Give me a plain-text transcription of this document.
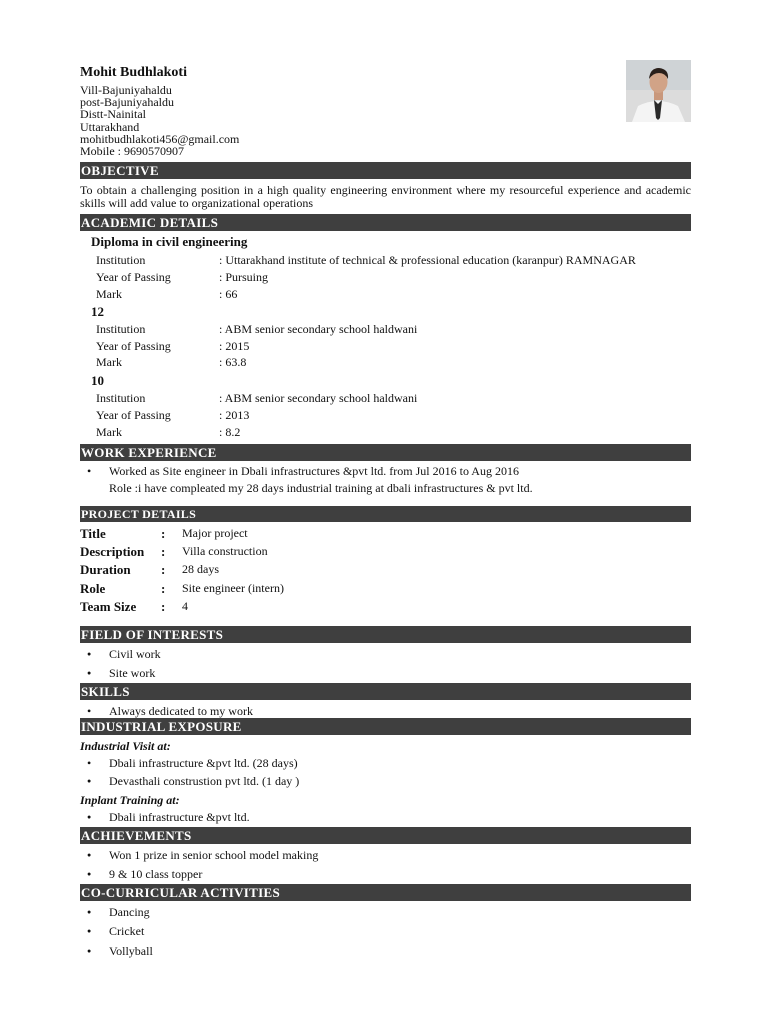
Mohit Budhlakoti
Vill-Bajuniyahaldu
post-Bajuniyahaldu
Distt-Nainital
Uttarakhand
mohitbudhlakoti456@gmail.com
Mobile : 9690570907
OBJECTIVE
To obtain a challenging position in a high quality engineering environment where my resourceful experience and academic skills will add value to organizational operations
ACADEMIC DETAILS
Diploma in civil engineering
Institution	: Uttarakhand institute of technical & professional education (karanpur) RAMNAGAR
Year of Passing	: Pursuing
Mark	: 66
12
Institution	: ABM senior secondary school haldwani
Year of Passing	: 2015
Mark	: 63.8
10
Institution	: ABM senior secondary school haldwani
Year of Passing	: 2013
Mark	: 8.2
WORK EXPERIENCE
• Worked as Site engineer in Dbali infrastructures &pvt ltd. from Jul 2016 to Aug 2016
Role :i have compleated my 28 days industrial training at dbali infrastructures & pvt ltd.
PROJECT DETAILS
Title	: Major project
Description : Villa construction
Duration : 28 days
Role	: Site engineer (intern)
Team Size : 4
FIELD OF INTERESTS
● Civil work
● Site work
SKILLS
• Always dedicated to my work
INDUSTRIAL EXPOSURE
Industrial Visit at:
• Dbali infrastructure &pvt ltd. (28 days)
● Devasthali construstion pvt ltd. (1 day )
Inplant Training at:
● Dbali infrastructure &pvt ltd.
ACHIEVEMENTS
● Won 1 prize in senior school model making
● 9 & 10 class topper
CO-CURRICULAR ACTIVITIES
● Dancing
● Cricket
● Vollyball
